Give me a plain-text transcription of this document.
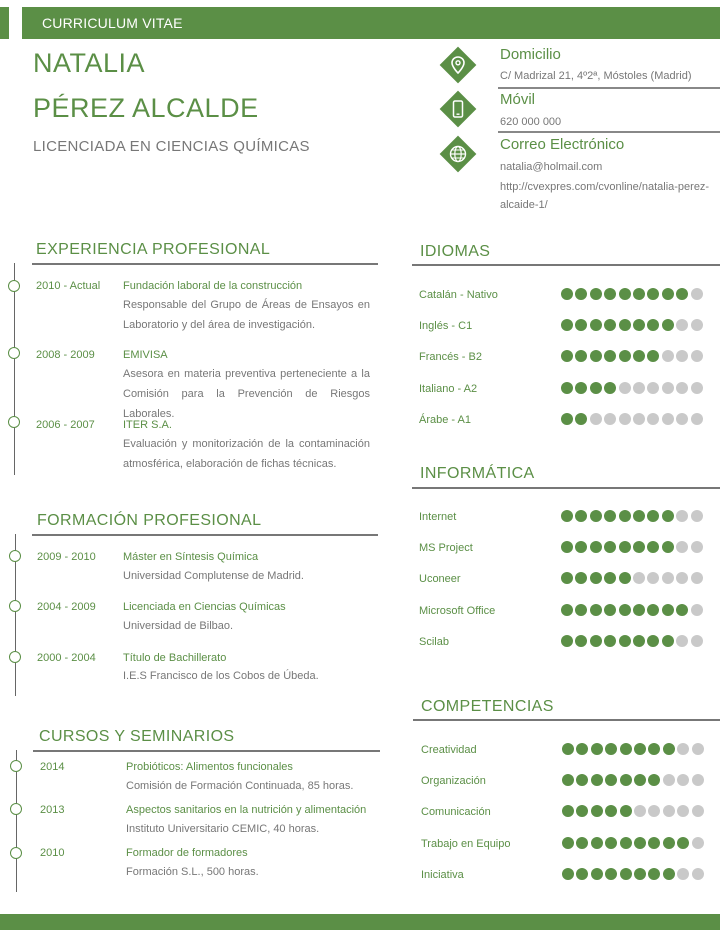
CURRICULUM VITAE
NATALIA
PÉREZ ALCALDE
LICENCIADA EN CIENCIAS QUÍMICAS
Domicilio
C/ Madrizal 21, 4º2ª, Móstoles (Madrid)
Móvil
620 000 000
Correo Electrónico
natalia@holmail.com
http://cvexpres.com/cvonline/natalia-perez-
alcaide-1/
EXPERIENCIA PROFESIONAL
2010 - Actual Fundación laboral de la construcción
Responsable del Grupo de Áreas de Ensayos en Laboratorio y del área de investigación.
2008 - 2009	EMIVISA
Asesora en materia preventiva perteneciente a la Comisión para la Prevención de Riesgos Laborales.
2006 - 2007	ITER S.A.
Evaluación y monitorización de la contaminación atmosférica, elaboración de fichas técnicas.
FORMACIÓN PROFESIONAL
2009 - 2010 Máster en Síntesis Química
Universidad Complutense de Madrid.
2004 - 2009 Licenciada en Ciencias Químicas
Universidad de Bilbao.
2000 - 2004 Título de Bachillerato
I.E.S Francisco de los Cobos de Úbeda.
CURSOS Y SEMINARIOS
2014	Probióticos: Alimentos funcionales
Comisión de Formación Continuada, 85 horas.
2013	Aspectos sanitarios en la nutrición y alimentación
Instituto Universitario CEMIC, 40 horas.
2010	Formador de formadores
Formación S.L., 500 horas.
IDIOMAS
Catalán - Nativo
Inglés - C1
Francés - B2
Italiano - A2
Árabe - A1
INFORMÁTICA
Internet
MS Project
Uconeer
Microsoft Office
Scilab
COMPETENCIAS
Creatividad
Organización
Comunicación
Trabajo en Equipo
Iniciativa
